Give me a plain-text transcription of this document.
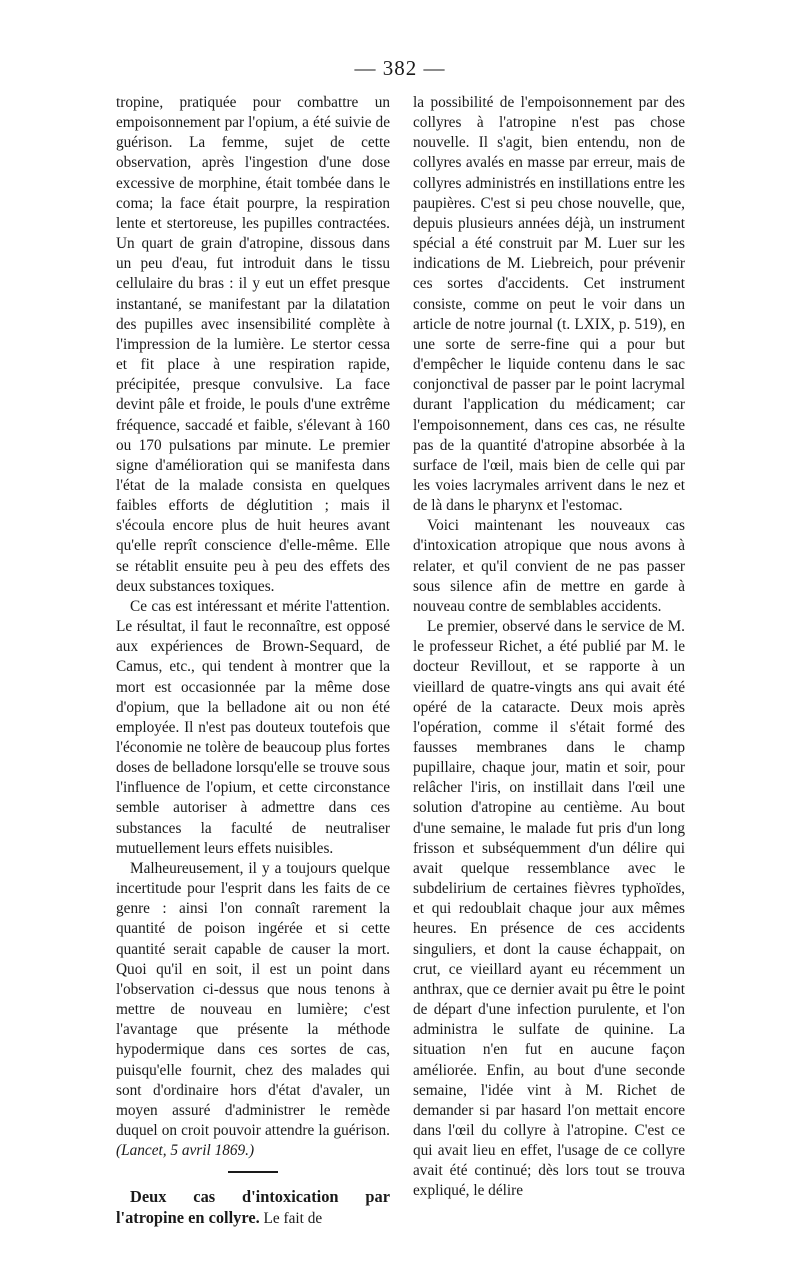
— 382 —

tropine, pratiquée pour combattre un empoisonnement par l'opium, a été suivie de guérison. La femme, sujet de cette observation, après l'ingestion d'une dose excessive de morphine, était tombée dans le coma; la face était pourpre, la respiration lente et stertoreuse, les pupilles contractées. Un quart de grain d'atropine, dissous dans un peu d'eau, fut introduit dans le tissu cellulaire du bras : il y eut un effet presque instantané, se manifestant par la dilatation des pupilles avec insensibilité complète à l'impression de la lumière. Le stertor cessa et fit place à une respiration rapide, précipitée, presque convulsive. La face devint pâle et froide, le pouls d'une extrême fréquence, saccadé et faible, s'élevant à 160 ou 170 pulsations par minute. Le premier signe d'amélioration qui se manifesta dans l'état de la malade consista en quelques faibles efforts de déglutition ; mais il s'écoula encore plus de huit heures avant qu'elle reprît conscience d'elle-même. Elle se rétablit ensuite peu à peu des effets des deux substances toxiques.

Ce cas est intéressant et mérite l'attention. Le résultat, il faut le reconnaître, est opposé aux expériences de Brown-Sequard, de Camus, etc., qui tendent à montrer que la mort est occasionnée par la même dose d'opium, que la belladone ait ou non été employée. Il n'est pas douteux toutefois que l'économie ne tolère de beaucoup plus fortes doses de belladone lorsqu'elle se trouve sous l'influence de l'opium, et cette circonstance semble autoriser à admettre dans ces substances la faculté de neutraliser mutuellement leurs effets nuisibles.

Malheureusement, il y a toujours quelque incertitude pour l'esprit dans les faits de ce genre : ainsi l'on connaît rarement la quantité de poison ingérée et si cette quantité serait capable de causer la mort. Quoi qu'il en soit, il est un point dans l'observation ci-dessus que nous tenons à mettre de nouveau en lumière; c'est l'avantage que présente la méthode hypodermique dans ces sortes de cas, puisqu'elle fournit, chez des malades qui sont d'ordinaire hors d'état d'avaler, un moyen assuré d'administrer le remède duquel on croit pouvoir attendre la guérison. (Lancet, 5 avril 1869.)

Deux cas d'intoxication par l'atropine en collyre. Le fait de

la possibilité de l'empoisonnement par des collyres à l'atropine n'est pas chose nouvelle. Il s'agit, bien entendu, non de collyres avalés en masse par erreur, mais de collyres administrés en instillations entre les paupières. C'est si peu chose nouvelle, que, depuis plusieurs années déjà, un instrument spécial a été construit par M. Luer sur les indications de M. Liebreich, pour prévenir ces sortes d'accidents. Cet instrument consiste, comme on peut le voir dans un article de notre journal (t. LXIX, p. 519), en une sorte de serre-fine qui a pour but d'empêcher le liquide contenu dans le sac conjonctival de passer par le point lacrymal durant l'application du médicament; car l'empoisonnement, dans ces cas, ne résulte pas de la quantité d'atropine absorbée à la surface de l'œil, mais bien de celle qui par les voies lacrymales arrivent dans le nez et de là dans le pharynx et l'estomac.

Voici maintenant les nouveaux cas d'intoxication atropique que nous avons à relater, et qu'il convient de ne pas passer sous silence afin de mettre en garde à nouveau contre de semblables accidents.

Le premier, observé dans le service de M. le professeur Richet, a été publié par M. le docteur Revillout, et se rapporte à un vieillard de quatre-vingts ans qui avait été opéré de la cataracte. Deux mois après l'opération, comme il s'était formé des fausses membranes dans le champ pupillaire, chaque jour, matin et soir, pour relâcher l'iris, on instillait dans l'œil une solution d'atropine au centième. Au bout d'une semaine, le malade fut pris d'un long frisson et subséquemment d'un délire qui avait quelque ressemblance avec le subdelirium de certaines fièvres typhoïdes, et qui redoublait chaque jour aux mêmes heures. En présence de ces accidents singuliers, et dont la cause échappait, on crut, ce vieillard ayant eu récemment un anthrax, que ce dernier avait pu être le point de départ d'une infection purulente, et l'on administra le sulfate de quinine. La situation n'en fut en aucune façon améliorée. Enfin, au bout d'une seconde semaine, l'idée vint à M. Richet de demander si par hasard l'on mettait encore dans l'œil du collyre à l'atropine. C'est ce qui avait lieu en effet, l'usage de ce collyre avait été continué; dès lors tout se trouva expliqué, le délire
